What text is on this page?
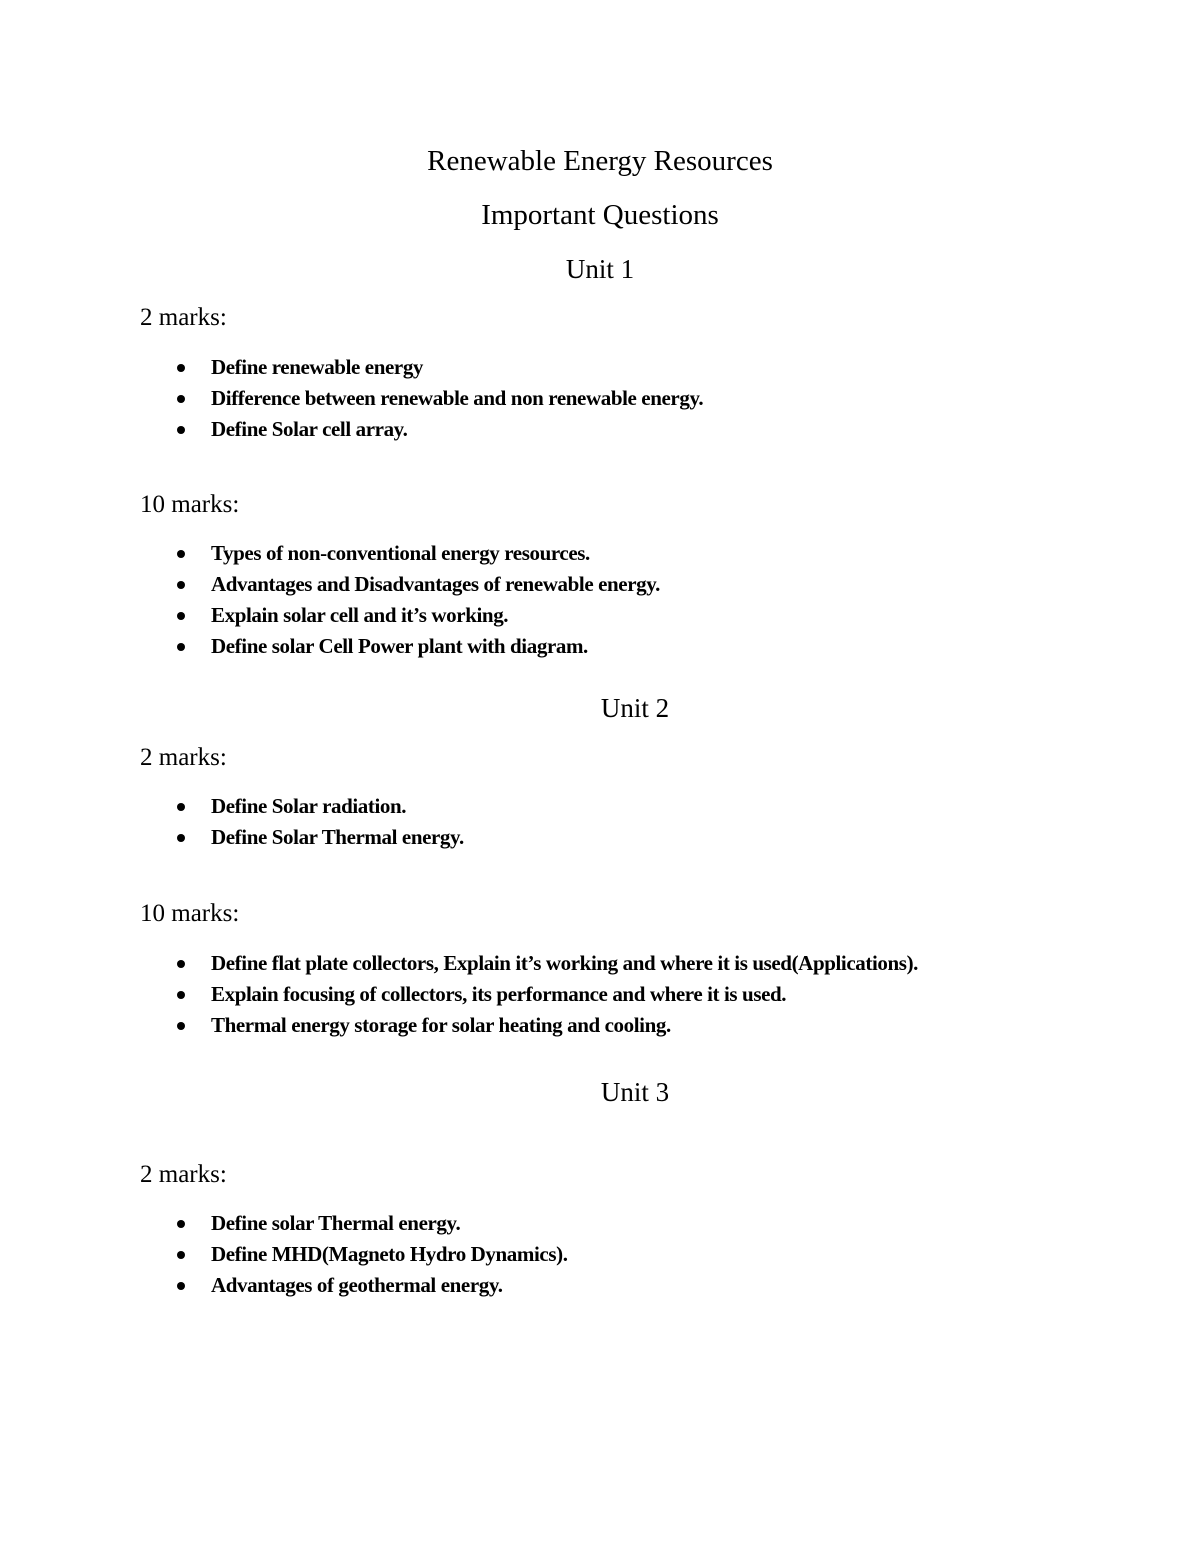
Renewable Energy Resources
Important Questions
Unit 1
2 marks:
Define renewable energy
Difference between renewable and non renewable energy.
Define Solar cell array.
10 marks:
Types of non-conventional energy resources.
Advantages and Disadvantages of renewable energy.
Explain solar cell and it’s working.
Define solar Cell Power plant with diagram.
Unit 2
2 marks:
Define Solar radiation.
Define Solar Thermal energy.
10 marks:
Define flat plate collectors, Explain it’s working and where it is used(Applications).
Explain focusing of collectors, its performance and where it is used.
Thermal energy storage for solar heating and cooling.
Unit 3
2 marks:
Define solar Thermal energy.
Define MHD(Magneto Hydro Dynamics).
Advantages of geothermal energy.
